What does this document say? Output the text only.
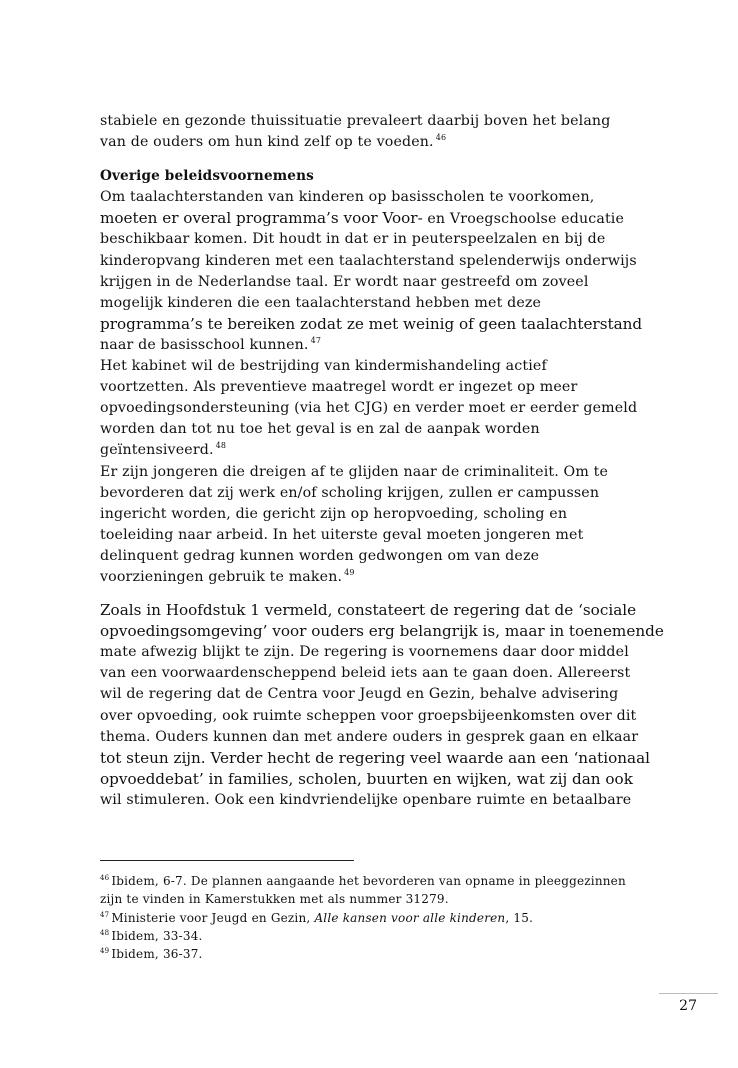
stabiele en gezonde thuissituatie prevaleert daarbij boven het belang
van de ouders om hun kind zelf op te voeden. $^{46}$
Overige beleidsvoornemens
Om taalachterstanden van kinderen op basisscholen te voorkomen,
moeten er overal programma’s voor Voor- en Vroegschoolse educatie
beschikbaar komen. Dit houdt in dat er in peuterspeelzalen en bij de
kinderopvang kinderen met een taalachterstand spelenderwijs onderwijs
krijgen in de Nederlandse taal. Er wordt naar gestreefd om zoveel
mogelijk kinderen die een taalachterstand hebben met deze
programma’s te bereiken zodat ze met weinig of geen taalachterstand
naar de basisschool kunnen. $^{47}$
Het kabinet wil de bestrijding van kindermishandeling actief
voortzetten. Als preventieve maatregel wordt er ingezet op meer
opvoedingsondersteuning (via het CJG) en verder moet er eerder gemeld
worden dan tot nu toe het geval is en zal de aanpak worden
geïntensiveerd. $^{48}$
Er zijn jongeren die dreigen af te glijden naar de criminaliteit. Om te
bevorderen dat zij werk en/of scholing krijgen, zullen er campussen
ingericht worden, die gericht zijn op heropvoeding, scholing en
toeleiding naar arbeid. In het uiterste geval moeten jongeren met
delinquent gedrag kunnen worden gedwongen om van deze
voorzieningen gebruik te maken. $^{49}$
Zoals in Hoofdstuk 1 vermeld, constateert de regering dat de ‘sociale
opvoedingsomgeving’ voor ouders erg belangrijk is, maar in toenemende
mate afwezig blijkt te zijn. De regering is voornemens daar door middel
van een voorwaardenscheppend beleid iets aan te gaan doen. Allereerst
wil de regering dat de Centra voor Jeugd en Gezin, behalve advisering
over opvoeding, ook ruimte scheppen voor groepsbijeenkomsten over dit
thema. Ouders kunnen dan met andere ouders in gesprek gaan en elkaar
tot steun zijn. Verder hecht de regering veel waarde aan een ‘nationaal
opvoeddebat’ in families, scholen, buurten en wijken, wat zij dan ook
wil stimuleren. Ook een kindvriendelijke openbare ruimte en betaalbare
$^{46}$ Ibidem, 6-7. De plannen aangaande het bevorderen van opname in pleeggezinnen
zijn te vinden in Kamerstukken met als nummer 31279.
$^{47}$ Ministerie voor Jeugd en Gezin, Alle kansen voor alle kinderen, 15.
$^{48}$ Ibidem, 33-34.
$^{49}$ Ibidem, 36-37.
27
